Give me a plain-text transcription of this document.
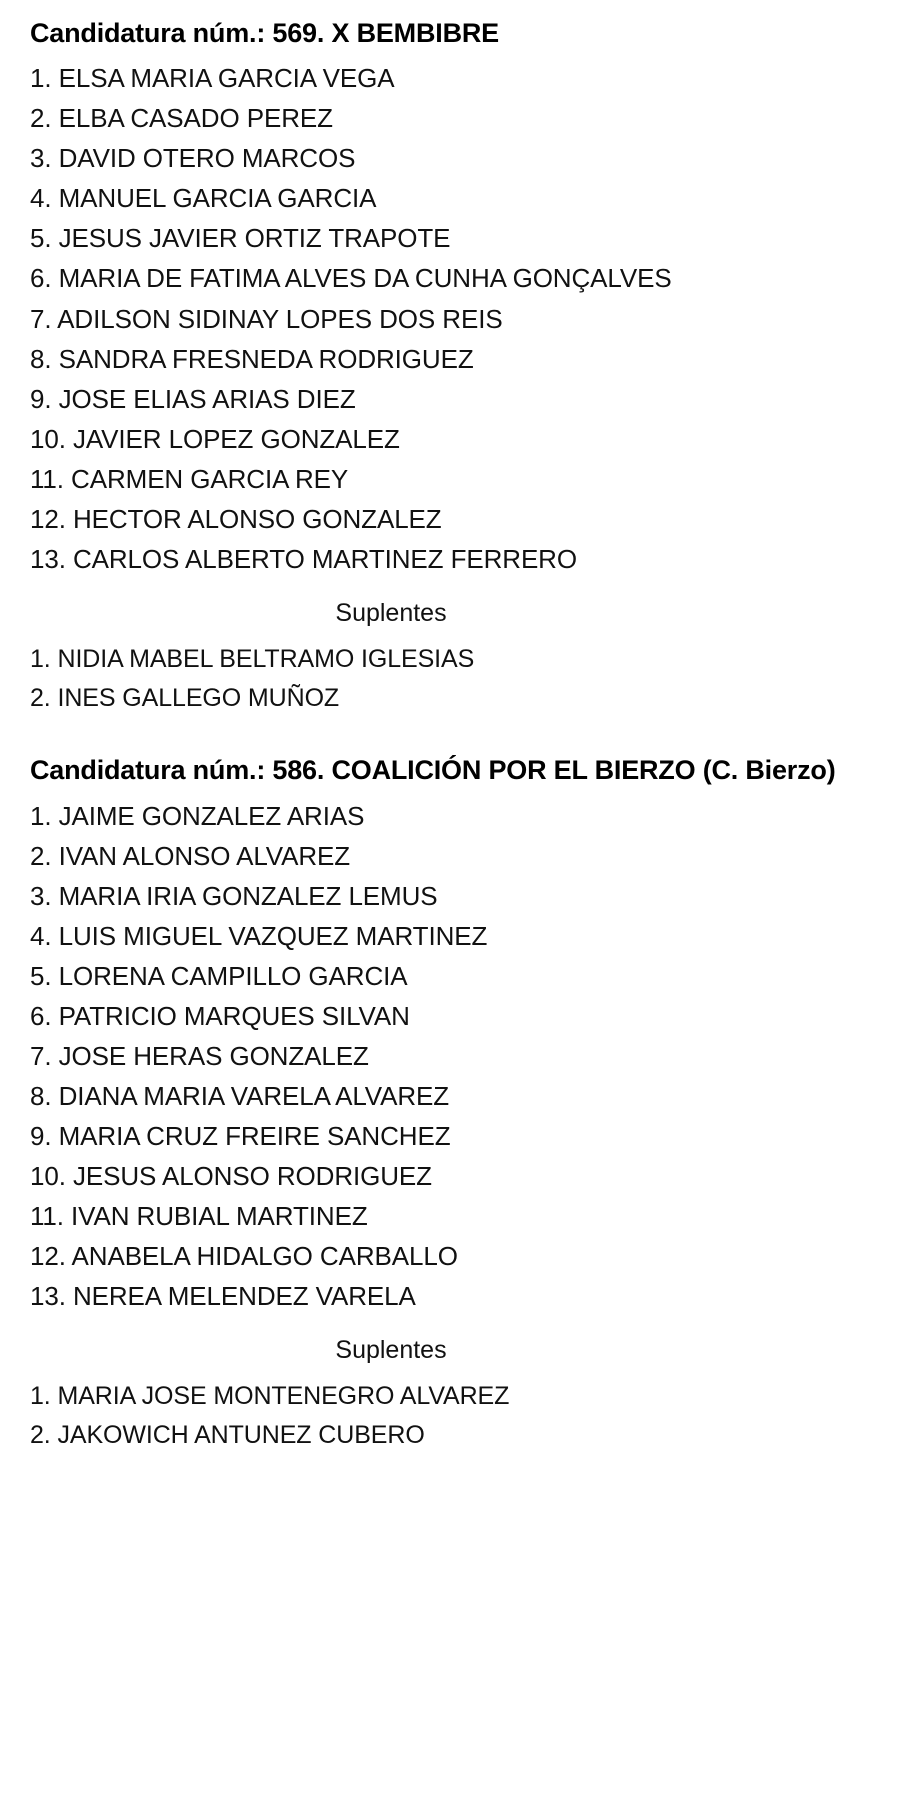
Candidatura núm.: 569. X BEMBIBRE
1. ELSA MARIA GARCIA VEGA
2. ELBA CASADO PEREZ
3. DAVID OTERO MARCOS
4. MANUEL GARCIA GARCIA
5. JESUS JAVIER ORTIZ TRAPOTE
6. MARIA DE FATIMA ALVES DA CUNHA GONÇALVES
7. ADILSON SIDINAY LOPES DOS REIS
8. SANDRA FRESNEDA RODRIGUEZ
9. JOSE ELIAS ARIAS DIEZ
10. JAVIER LOPEZ GONZALEZ
11. CARMEN GARCIA REY
12. HECTOR ALONSO GONZALEZ
13. CARLOS ALBERTO MARTINEZ FERRERO
Suplentes
1. NIDIA MABEL BELTRAMO IGLESIAS
2. INES GALLEGO MUÑOZ
Candidatura núm.: 586. COALICIÓN POR EL BIERZO (C. Bierzo)
1. JAIME GONZALEZ ARIAS
2. IVAN ALONSO ALVAREZ
3. MARIA IRIA GONZALEZ LEMUS
4. LUIS MIGUEL VAZQUEZ MARTINEZ
5. LORENA CAMPILLO GARCIA
6. PATRICIO MARQUES SILVAN
7. JOSE HERAS GONZALEZ
8. DIANA MARIA VARELA ALVAREZ
9. MARIA CRUZ FREIRE SANCHEZ
10. JESUS ALONSO RODRIGUEZ
11. IVAN RUBIAL MARTINEZ
12. ANABELA HIDALGO CARBALLO
13. NEREA MELENDEZ VARELA
Suplentes
1. MARIA JOSE MONTENEGRO ALVAREZ
2. JAKOWICH ANTUNEZ CUBERO
